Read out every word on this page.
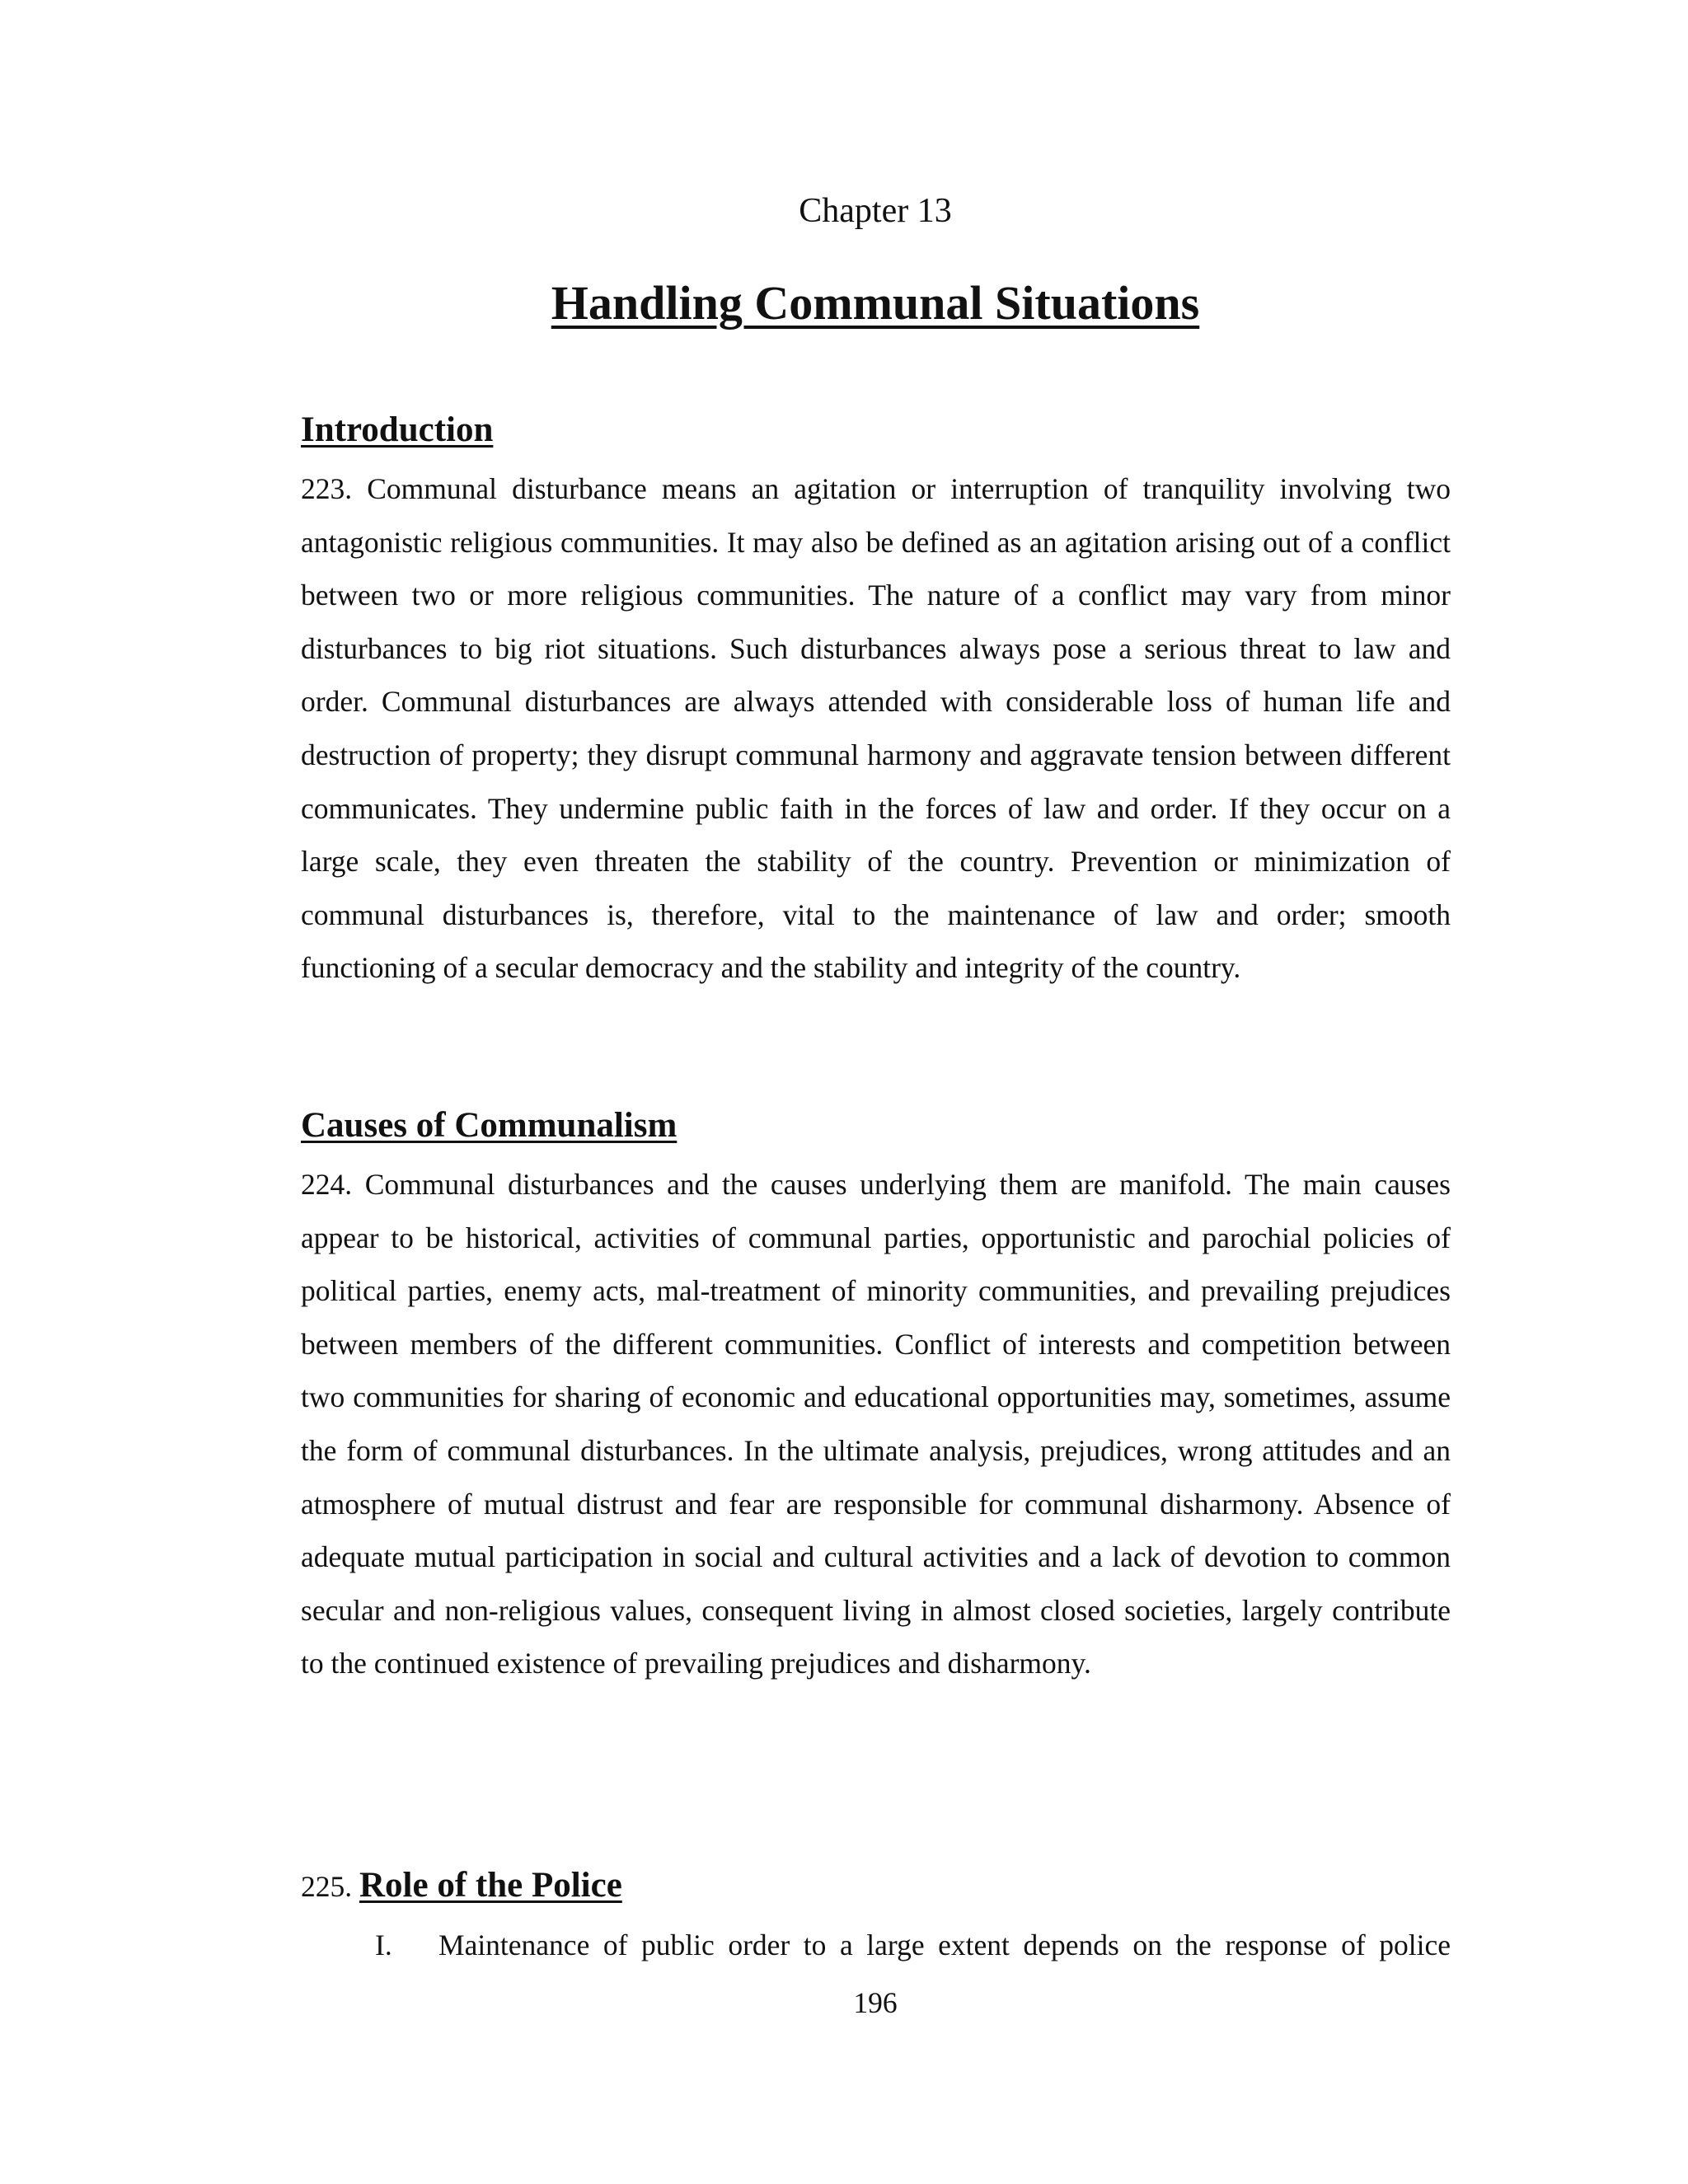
Chapter 13
Handling Communal Situations
Introduction

223. Communal disturbance means an agitation or interruption of tranquility involving two antagonistic religious communities. It may also be defined as an agitation arising out of a conflict between two or more religious communities. The nature of a conflict may vary from minor disturbances to big riot situations. Such disturbances always pose a serious threat to law and order. Communal disturbances are always attended with considerable loss of human life and destruction of property; they disrupt communal harmony and aggravate tension between different communicates. They undermine public faith in the forces of law and order. If they occur on a large scale, they even threaten the stability of the country. Prevention or minimization of communal disturbances is, therefore, vital to the maintenance of law and order; smooth functioning of a secular democracy and the stability and integrity of the country.

Causes of Communalism

224. Communal disturbances and the causes underlying them are manifold. The main causes appear to be historical, activities of communal parties, opportunistic and parochial policies of political parties, enemy acts, mal-treatment of minority communities, and prevailing prejudices between members of the different communities. Conflict of interests and competition between two communities for sharing of economic and educational opportunities may, sometimes, assume the form of communal disturbances. In the ultimate analysis, prejudices, wrong attitudes and an atmosphere of mutual distrust and fear are responsible for communal disharmony. Absence of adequate mutual participation in social and cultural activities and a lack of devotion to common secular and non-religious values, consequent living in almost closed societies, largely contribute to the continued existence of prevailing prejudices and disharmony.

225. Role of the Police
I. Maintenance of public order to a large extent depends on the response of police
196
